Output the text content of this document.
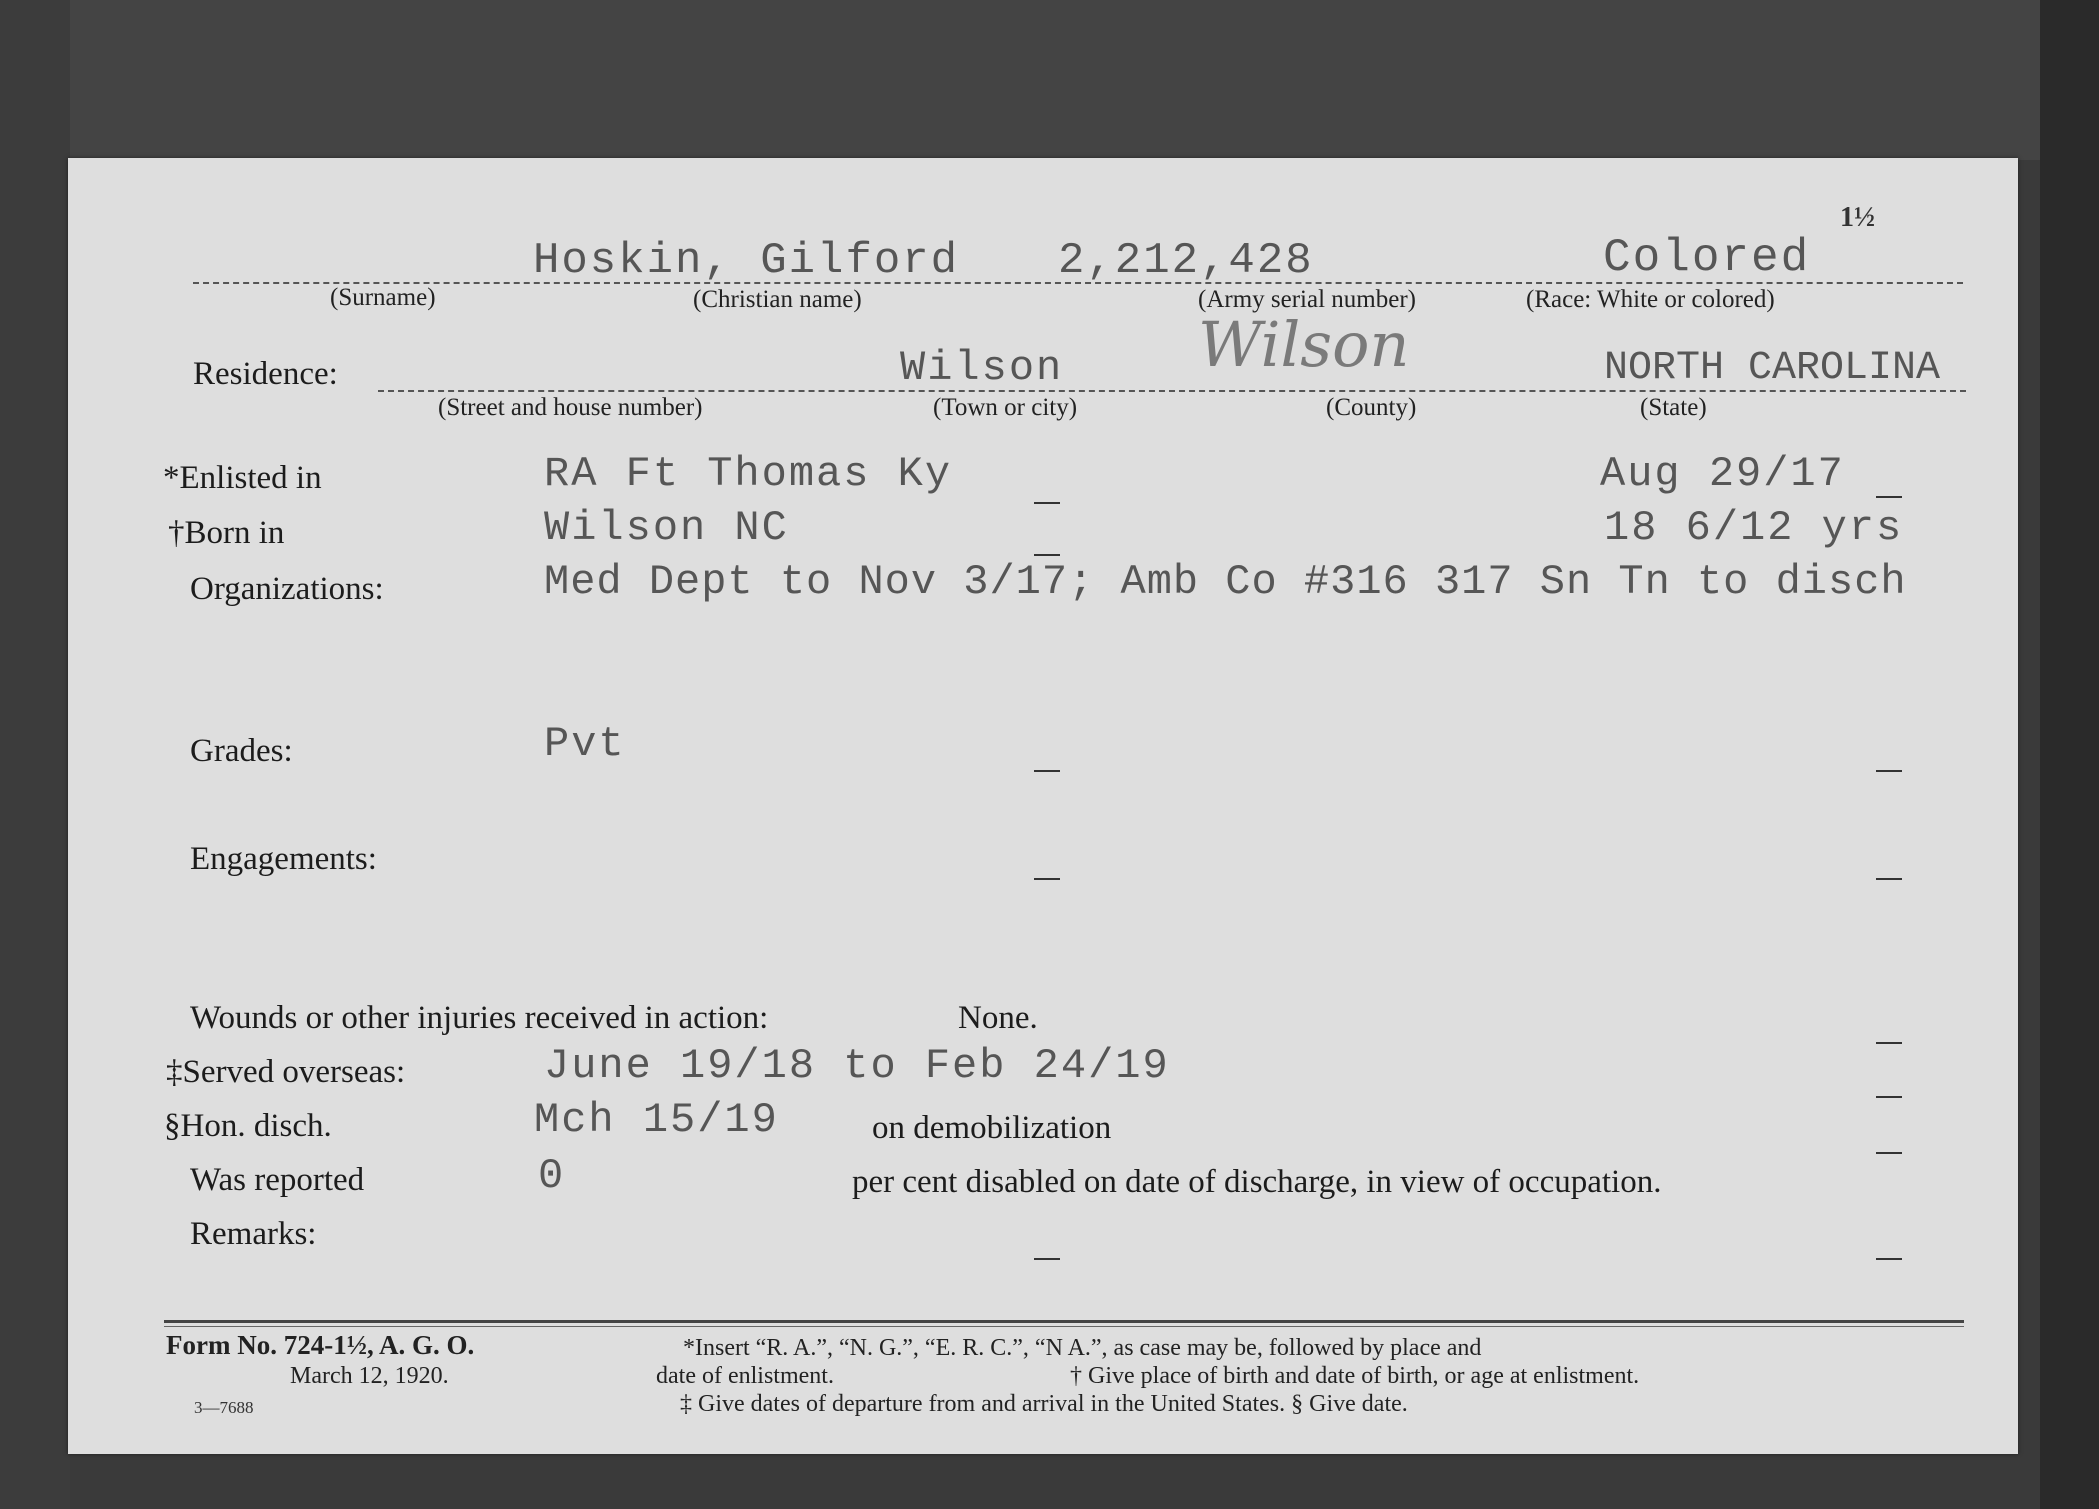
1½
Hoskin, Gilford 2,212,428	Colored
(Surname)	(Christian name)	(Army serial number)	(Race: White or colored)
Residence:	Wilson Wilson	NORTH CAROLINA
(Street and house number)	(Town or city)	(County)	(State)
*Enlisted in	RA Ft Thomas Ky	Aug 29/17
†Born in	Wilson NC	18 6/12 yrs
Organizations:	Med Dept to Nov 3/17; Amb Co #316 317 Sn Tn to disch
Grades:	Pvt
Engagements:
Wounds or other injuries received in action:	None.
‡Served overseas:	June 19/18 to Feb 24/19
§Hon. disch.	Mch 15/19	on demobilization
Was reported	0	per cent disabled on date of discharge, in view of occupation.
Remarks:
Form No. 724-1½, A. G. O.
March 12, 1920.
3—7688
*Insert “R. A.”, “N. G.”, “E. R. C.”, “N A.”, as case may be, followed by place and
date of enlistment.	† Give place of birth and date of birth, or age at enlistment.
‡ Give dates of departure from and arrival in the United States. § Give date.
